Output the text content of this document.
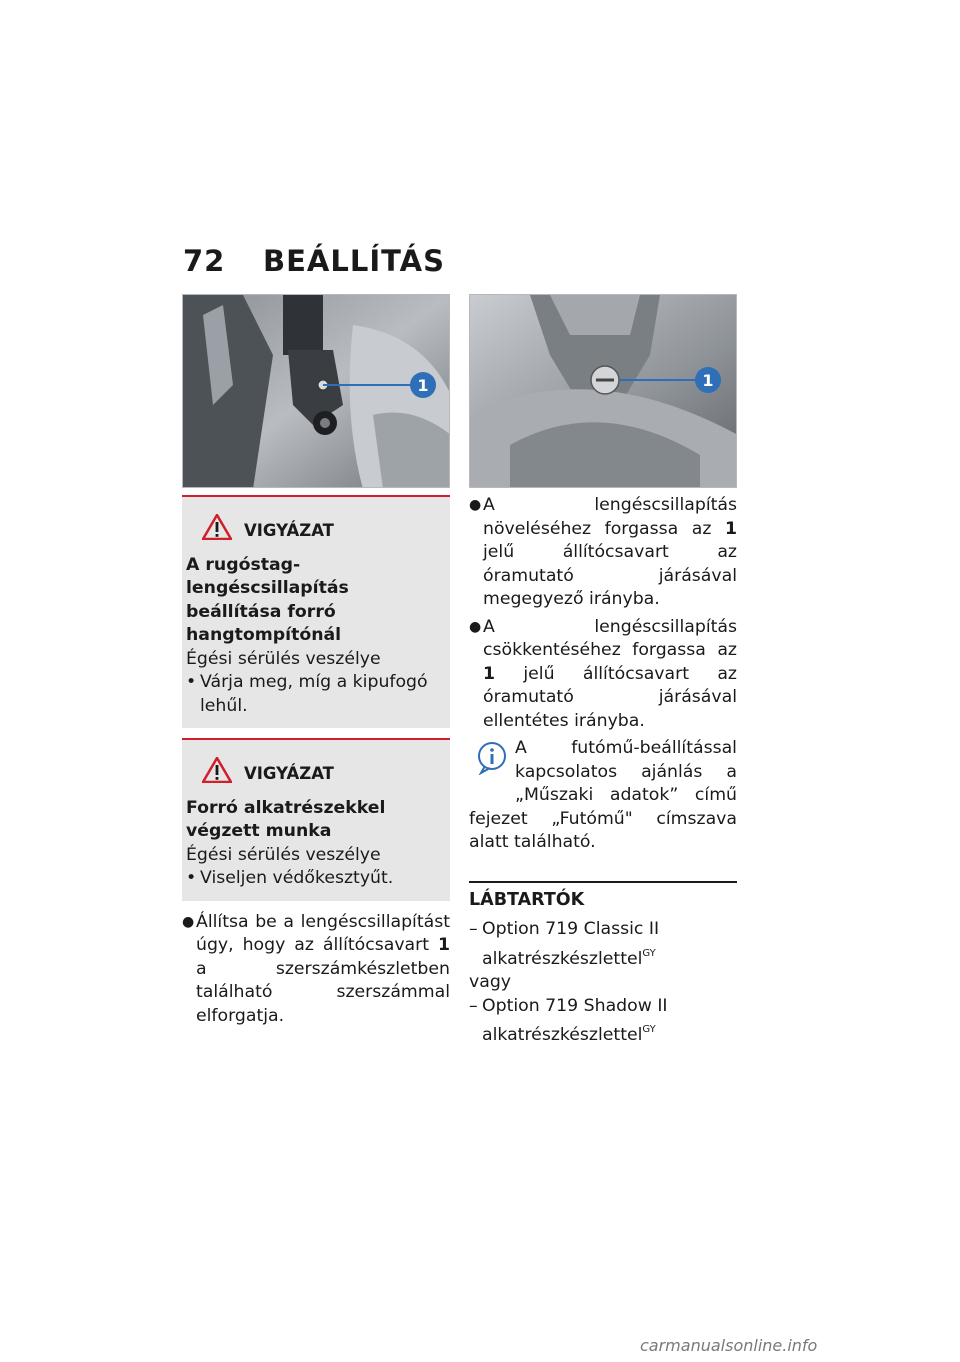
72 BEÁLLÍTÁS
1
VIGYÁZAT
A rugóstag-lengéscsillapítás beállítása forró hangtompítónál
Égési sérülés veszélye
• Várja meg, míg a kipufogó lehűl.
VIGYÁZAT
Forró alkatrészekkel végzett munka
Égési sérülés veszélye
• Viseljen védőkesztyűt.
● Állítsa be a lengéscsillapítást úgy, hogy az állítócsavart 1 a szerszámkészletben található szerszámmal elforgatja.
1
● A lengéscsillapítás növeléséhez forgassa az 1 jelű állítócsavart az óramutató járásával megegyező irányba.
● A lengéscsillapítás csökkentéséhez forgassa az 1 jelű állítócsavart az óramutató járásával ellentétes irányba.
A futómű-beállítással kapcsolatos ajánlás a „Műszaki adatok” című fejezet „Futómű" címszava alatt található.
LÁBTARTÓK
– Option 719 Classic II alkatrészkészlettel$^{GY}$
vagy
– Option 719 Shadow II alkatrészkészlettel$^{GY}$
carmanualsonline.info
